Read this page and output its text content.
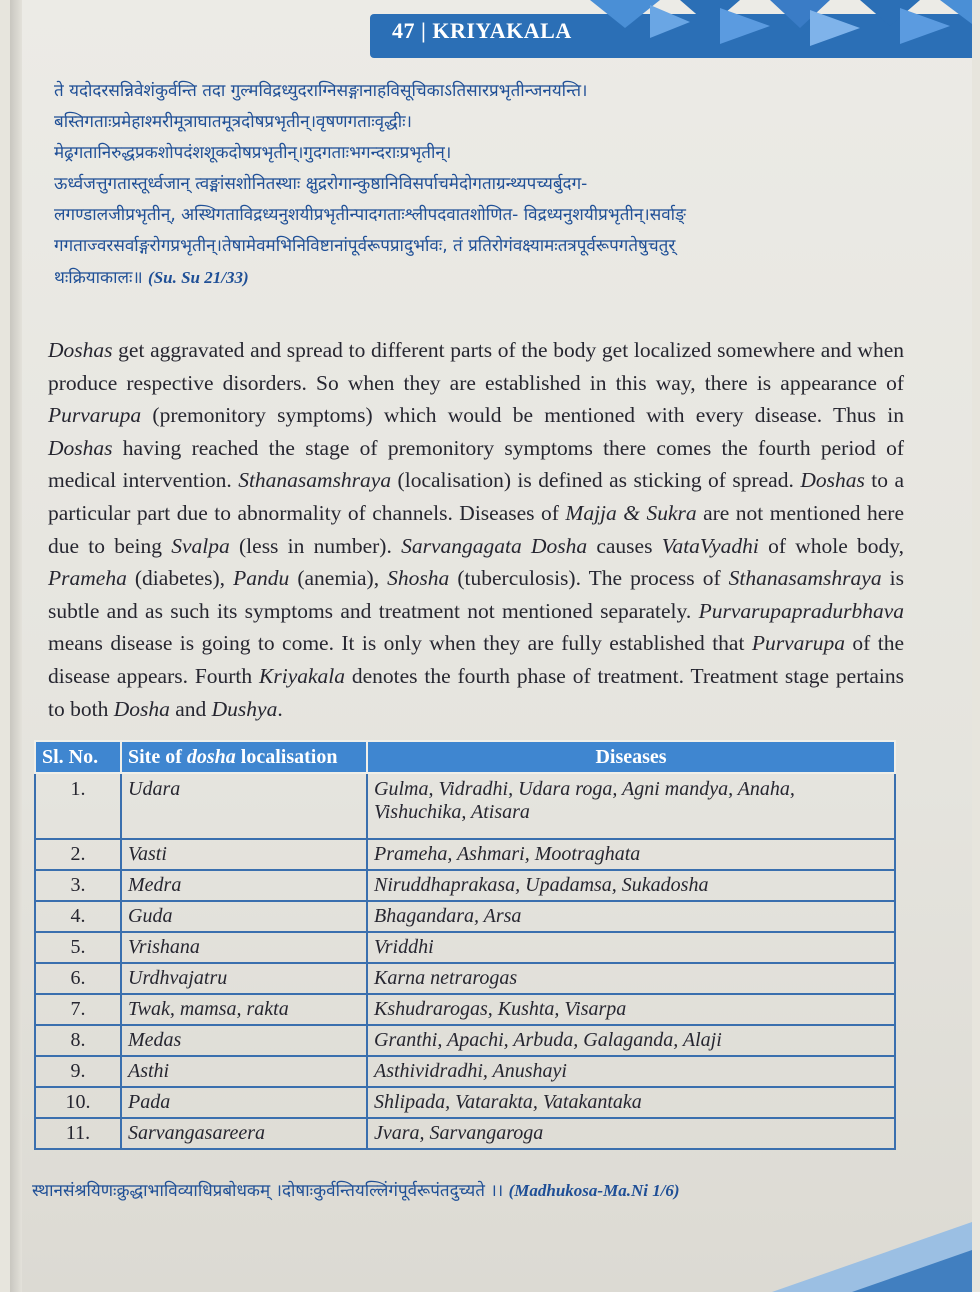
47 | KRIYAKALA

ते यदोदरसन्निवेशंकुर्वन्ति तदा गुल्मविद्रध्युदराग्निसङ्गानाहविसूचिकाऽतिसारप्रभृतीन्जनयन्ति।

बस्तिगताःप्रमेहाश्मरीमूत्राघातमूत्रदोषप्रभृतीन्।वृषणगताःवृद्धीः।

मेढ्रगतानिरुद्धप्रकशोपदंशशूकदोषप्रभृतीन्।गुदगताःभगन्दराःप्रभृतीन्।

ऊर्ध्वजत्तुगतास्तूर्ध्वजान् त्वङ्मांसशोनितस्थाः क्षुद्ररोगान्कुष्ठानिविसर्पाचमेदोगताग्रन्थ्यपच्यर्बुदग-

लगण्डालजीप्रभृतीन्, अस्थिगताविद्रध्यनुशयीप्रभृतीन्पादगताःश्लीपदवातशोणित- विद्रध्यनुशयीप्रभृतीन्।सर्वाङ्

गगताज्वरसर्वाङ्गरोगप्रभृतीन्।तेषामेवमभिनिविष्टानांपूर्वरूपप्रादुर्भावः, तं प्रतिरोगंवक्ष्यामःतत्रपूर्वरूपगतेषुचतुर्

थःक्रियाकालः॥ (Su. Su 21/33)

Doshas get aggravated and spread to different parts of the body get localized somewhere and when produce respective disorders. So when they are established in this way, there is appearance of Purvarupa (premonitory symptoms) which would be mentioned with every disease. Thus in Doshas having reached the stage of premonitory symptoms there comes the fourth period of medical intervention. Sthanasamshraya (localisation) is defined as sticking of spread. Doshas to a particular part due to abnormality of channels. Diseases of Majja & Sukra are not mentioned here due to being Svalpa (less in number). Sarvangagata Dosha causes VataVyadhi of whole body, Prameha (diabetes), Pandu (anemia), Shosha (tuberculosis). The process of Sthanasamshraya is subtle and as such its symptoms and treatment not mentioned separately. Purvarupapradurbhava means disease is going to come. It is only when they are fully established that Purvarupa of the disease appears. Fourth Kriyakala denotes the fourth phase of treatment. Treatment stage pertains to both Dosha and Dushya.
Sl. No.	Site of dosha localisation	Diseases
1.	Udara	Gulma, Vidradhi, Udara roga, Agni mandya, Anaha, Vishuchika, Atisara
2.	Vasti	Prameha, Ashmari, Mootraghata
3.	Medra	Niruddhaprakasa, Upadamsa, Sukadosha
4.	Guda	Bhagandara, Arsa
5.	Vrishana	Vriddhi
6.	Urdhvajatru	Karna netrarogas
7.	Twak, mamsa, rakta	Kshudrarogas, Kushta, Visarpa
8.	Medas	Granthi, Apachi, Arbuda, Galaganda, Alaji
9.	Asthi	Asthividradhi, Anushayi
10.	Pada	Shlipada, Vatarakta, Vatakantaka
11.	Sarvangasareera	Jvara, Sarvangaroga
स्थानसंश्रयिणःक्रुद्धाभाविव्याधिप्रबोधकम् ।दोषाःकुर्वन्तियल्लिंगंपूर्वरूपंतदुच्यते ।। (Madhukosa-Ma.Ni 1/6)
